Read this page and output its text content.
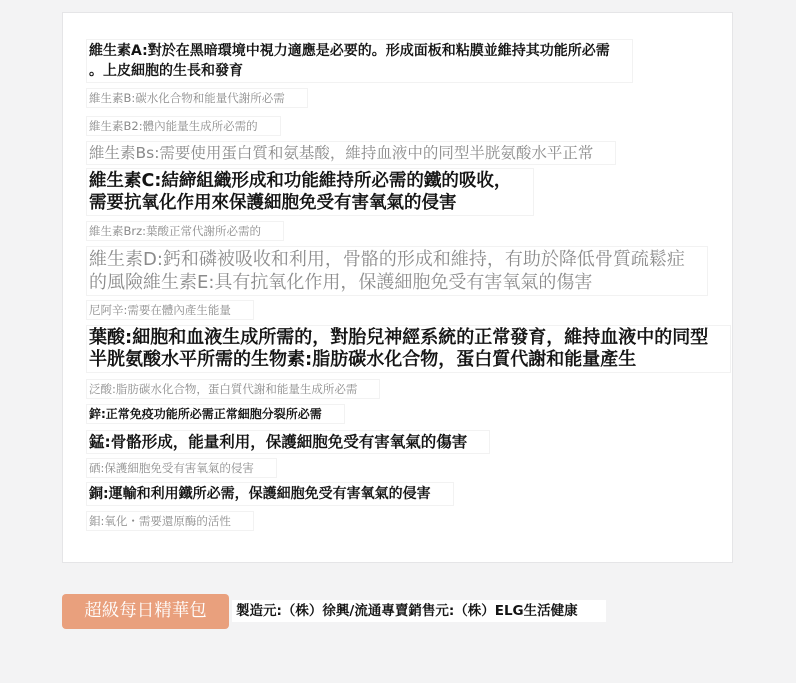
維生素A:對於在黑暗環境中視力適應是必要的。形成面板和粘膜並維持其功能所必需
。上皮細胞的生長和發育
維生素B:碳水化合物和能量代謝所必需
維生素B2:體內能量生成所必需的
維生素Bs:需要使用蛋白質和氨基酸，維持血液中的同型半胱氨酸水平正常
維生素C:結締組織形成和功能維持所必需的鐵的吸收，
需要抗氧化作用來保護細胞免受有害氧氣的侵害
維生素Brz:葉酸正常代謝所必需的
維生素D:鈣和磷被吸收和利用，骨骼的形成和維持，有助於降低骨質疏鬆症
的風險維生素E:具有抗氧化作用，保護細胞免受有害氧氣的傷害
尼阿辛:需要在體內產生能量
葉酸:細胞和血液生成所需的，對胎兒神經系統的正常發育，維持血液中的同型
半胱氨酸水平所需的生物素:脂肪碳水化合物，蛋白質代謝和能量產生
泛酸:脂肪碳水化合物，蛋白質代謝和能量生成所必需
鋅:正常免疫功能所必需正常細胞分裂所必需
錳:骨骼形成，能量利用，保護細胞免受有害氧氣的傷害
硒:保護細胞免受有害氧氣的侵害
銅:運輸和利用鐵所必需，保護細胞免受有害氧氣的侵害
鉬:氧化・需要還原酶的活性
超級每日精華包	製造元:（株）徐興/流通專賣銷售元:（株）ELG生活健康
